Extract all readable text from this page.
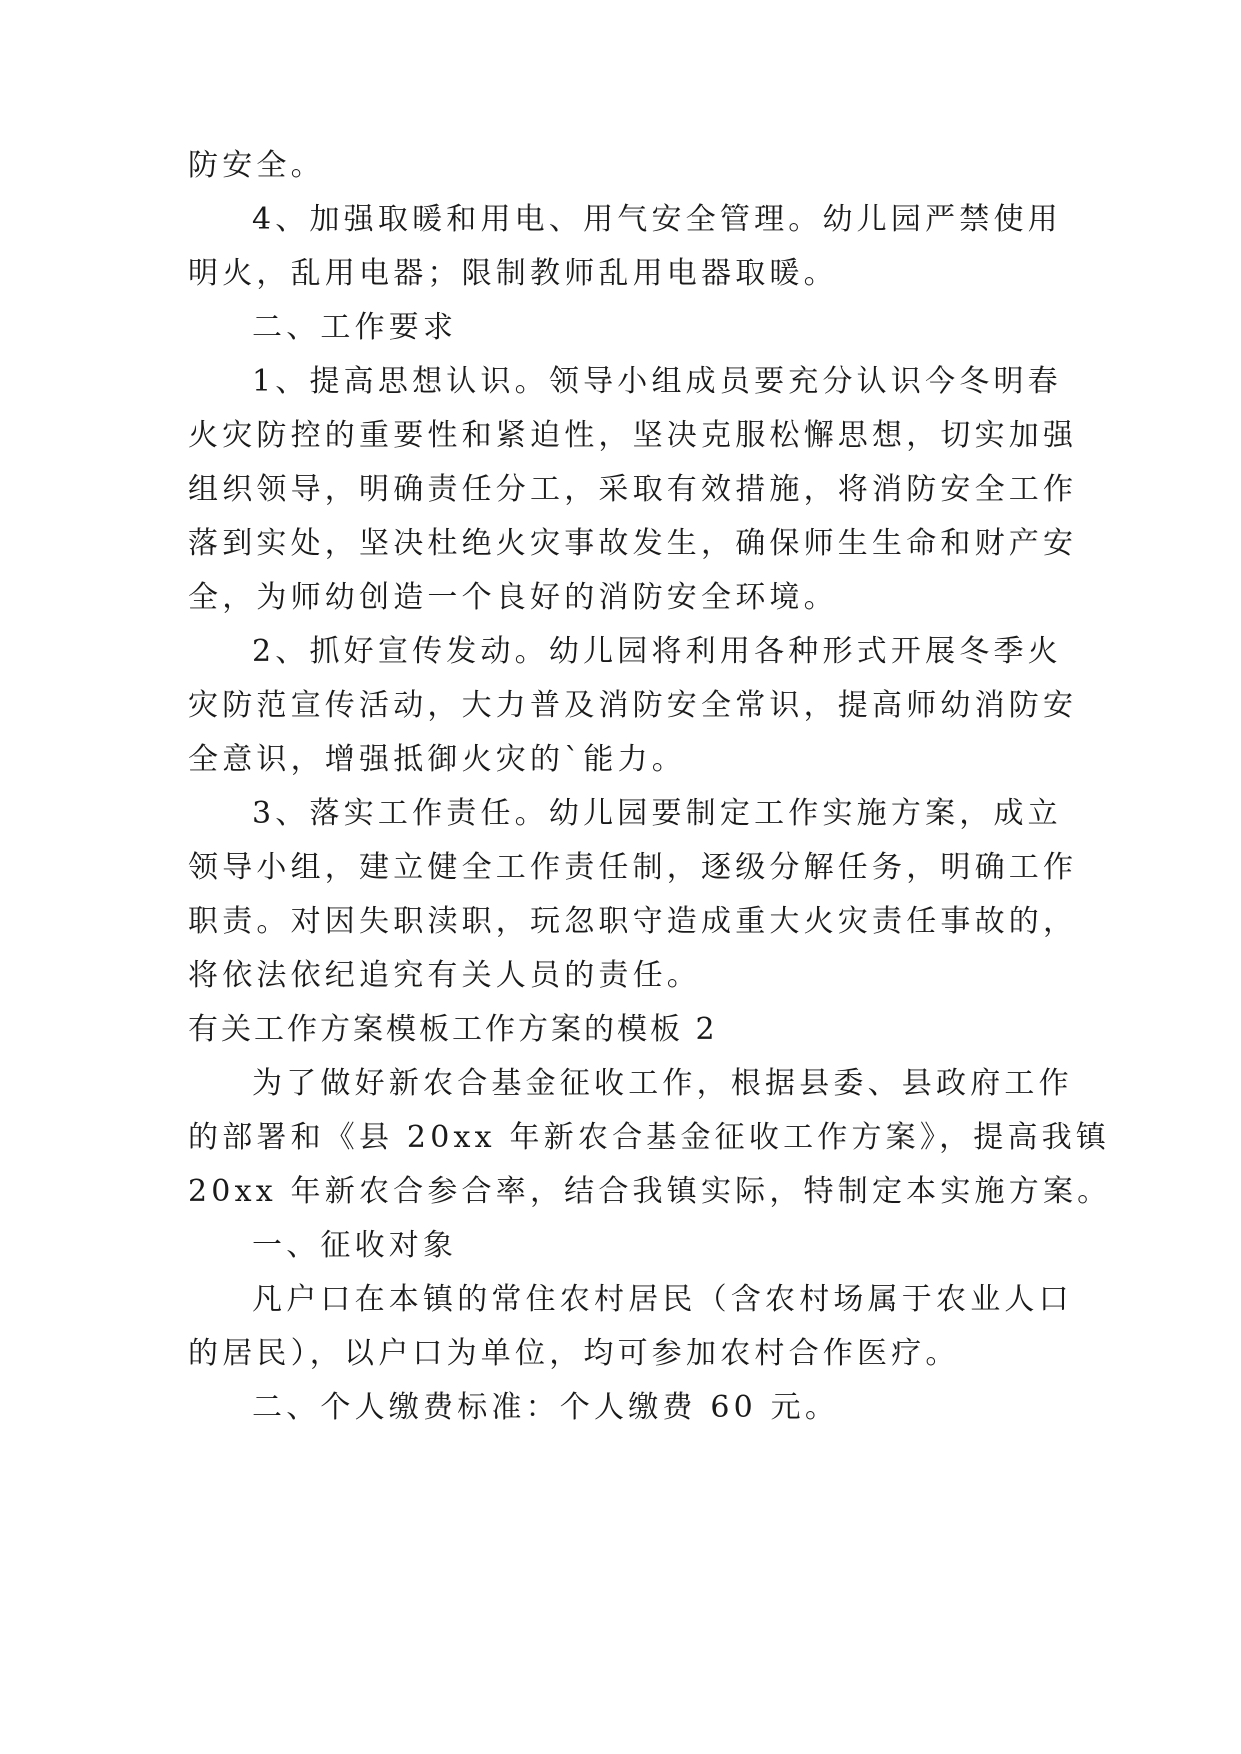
防安全。
4、加强取暖和用电、用气安全管理。幼儿园严禁使用
明火，乱用电器；限制教师乱用电器取暖。
二、工作要求
1、提高思想认识。领导小组成员要充分认识今冬明春
火灾防控的重要性和紧迫性，坚决克服松懈思想，切实加强
组织领导，明确责任分工，采取有效措施，将消防安全工作
落到实处，坚决杜绝火灾事故发生，确保师生生命和财产安
全，为师幼创造一个良好的消防安全环境。
2、抓好宣传发动。幼儿园将利用各种形式开展冬季火
灾防范宣传活动，大力普及消防安全常识，提高师幼消防安
全意识，增强抵御火灾的`能力。
3、落实工作责任。幼儿园要制定工作实施方案，成立
领导小组，建立健全工作责任制，逐级分解任务，明确工作
职责。对因失职渎职，玩忽职守造成重大火灾责任事故的，
将依法依纪追究有关人员的责任。
有关工作方案模板工作方案的模板 2
为了做好新农合基金征收工作，根据县委、县政府工作
的部署和《县 20xx 年新农合基金征收工作方案》，提高我镇
20xx 年新农合参合率，结合我镇实际，特制定本实施方案。
一、征收对象
凡户口在本镇的常住农村居民（含农村场属于农业人口
的居民），以户口为单位，均可参加农村合作医疗。
二、个人缴费标准：个人缴费 60 元。
